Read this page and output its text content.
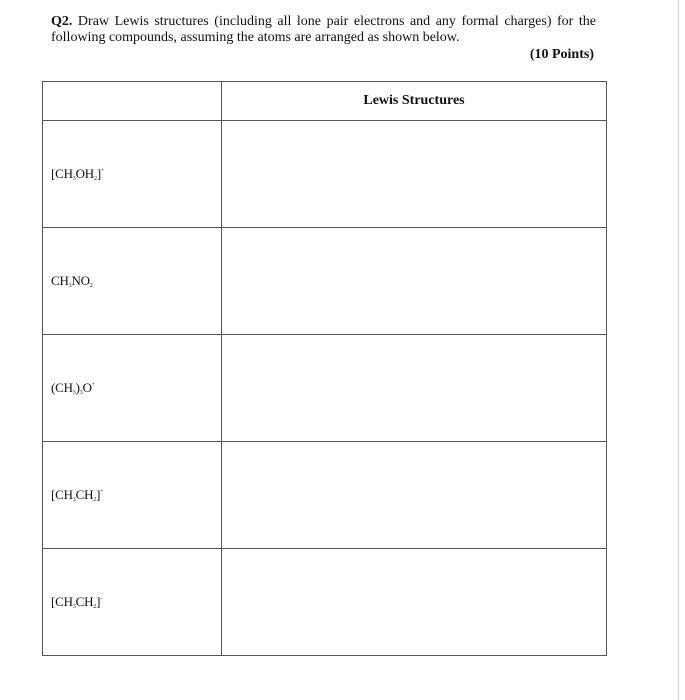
Q2. Draw Lewis structures (including all lone pair electrons and any formal charges) for the following compounds, assuming the atoms are arranged as shown below.
(10 Points)
	Lewis Structures
$[CH_3OH_2]^+$	
$CH_3NO_2$	
$(CH_3)_3O^+$	
$[CH_3CH_2]^+$	
$[CH_3CH_2]^-$	
